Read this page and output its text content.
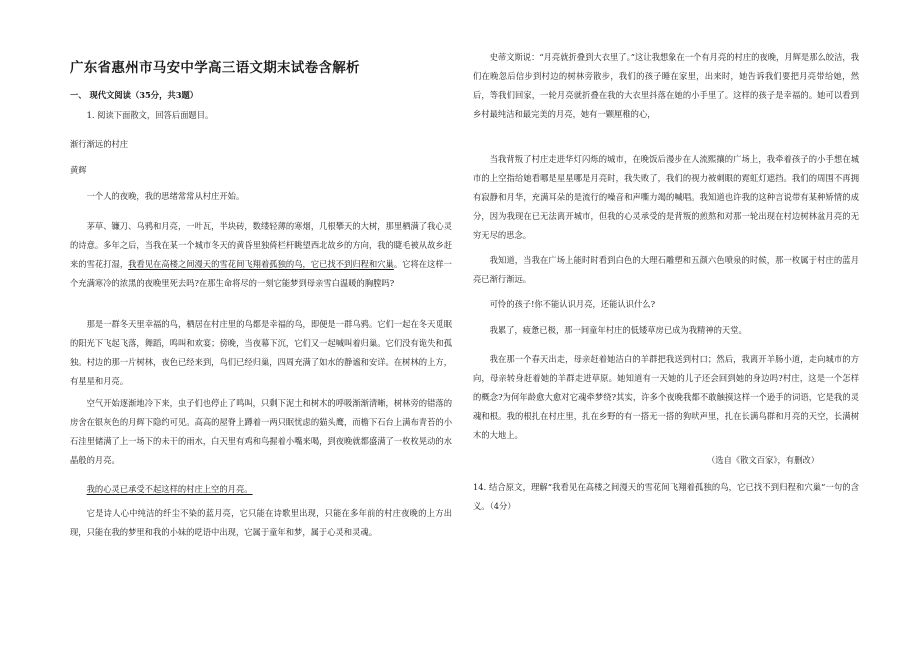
广东省惠州市马安中学高三语文期末试卷含解析

一、 现代文阅读（35分，共3题）

1. 阅读下面散文，回答后面题目。

渐行渐远的村庄

黄辉

一个人的夜晚，我的思绪常常从村庄开始。

茅草、镰刀、乌鸦和月亮，一叶瓦，半块砖，数缕轻薄的寒烟，几根攀天的大树，那里栖满了我心灵的诗意。多年之后，当我在某一个城市冬天的黄昏里独倚栏杆眺望西北故乡的方向，我的睫毛被从故乡赶来的雪花打湿，我看见在高楼之间漫天的雪花间飞翔着孤独的鸟，它已找不到归程和穴巢。它将在这样一个充满寒冷的浓黑的夜晚里死去吗?在那生命将尽的一刻它能梦到母亲雪白温暖的胸膛吗?

那是一群冬天里幸福的鸟，栖居在村庄里的鸟都是幸福的鸟，即便是一群乌鸦。它们一起在冬天觅眠的阳光下飞起飞落，舞蹈，鸣叫和欢宴；傍晚，当夜幕下沉，它们又一起喊叫着归巢。它们没有诡失和孤独。村边的那一片树林，夜色已经来到，鸟们已经归巢，四周充满了如水的静谧和安详。在树林的上方，有星星和月亮。

空气开始逐渐地冷下来，虫子们也停止了鸣叫，只剩下泥土和树木的呼吸渐渐清晰，树林旁的错落的房舍在银灰色的月辉下隐约可见。高高的屋脊上蹲着一两只眠忧虑的猫头鹰，而檐下石台上满布青苔的小石洼里储满了上一场下的未干的雨水，白天里有鸡和鸟握着小嘴来喝，到夜晚就都盛满了一枚枚晃动的水晶般的月亮。

我的心灵已承受不起这样的村庄上空的月亮。

它是诗人心中纯洁的纤尘不染的蓝月亮，它只能在诗歌里出现，只能在多年前的村庄夜晚的上方出现，只能在我的梦里和我的小妹的呓语中出现，它属于童年和梦，属于心灵和灵魂。

史蒂文斯说：“月亮就折叠到大衣里了。”这让我想象在一个有月亮的村庄的夜晚，月辉是那么皎洁，我们在晚忽后信步到村边的树林旁散步，我们的孩子睡在家里，出来时，她告诉我们要把月亮带给她，然后，等我们回家，一轮月亮就折叠在我的大衣里抖落在她的小手里了。这样的孩子是幸福的。她可以看到乡村最纯洁和最完美的月亮，她有一颗厘稚的心，

当我背叛了村庄走进华灯闪烁的城市，在晚饭后漫步在人流熙攘的广场上，我牵着孩子的小手想在城市的上空指给她看哪是星星哪是月亮时，我失败了，我们的视力被刺眼的霓虹灯遮挡。我们的周围不再拥有寂静和月华，充满耳朵的是流行的噪音和声嘶力竭的喊唱。我知道也许我的这种言说带有某种矫情的成分，因为我现在已无法离开城市，但我的心灵承受的是背叛的煎熬和对那一轮出现在村边树林盆月亮的无穷无尽的思念。

我知道，当我在广场上能时时看到白色的大理石雕塑和五颜六色喷泉的时候，那一枚属于村庄的蓝月亮已渐行渐远。

可怜的孩子!你不能认识月亮，还能认识什么?

我累了，疲惫已极，那一间童年村庄的低矮草房已成为我精神的天堂。

我在那一个春天出走，母亲赶着她洁白的羊群把我送到村口；然后，我离开羊肠小道，走向城市的方向，母亲转身赶着她的羊群走进草原。她知道有一天她的儿子还会回到她的身边吗?村庄，这是一个怎样的概念?为何年龄愈大愈对它魂牵梦绕?其实，许多个夜晚我都不敢触摸这样一个逊手的词语，它是我的灵魂和根。我的根扎在村庄里，扎在乡野的有一搭无一搭的狗吠声里，扎在长满鸟群和月亮的天空，长满树木的大地上。

（选自《散文百家》，有删改）

14. 结合原文，理解“我看见在高楼之间漫天的雪花间飞翔着孤独的鸟，它已找不到归程和穴巢”一句的含义。（4分）
